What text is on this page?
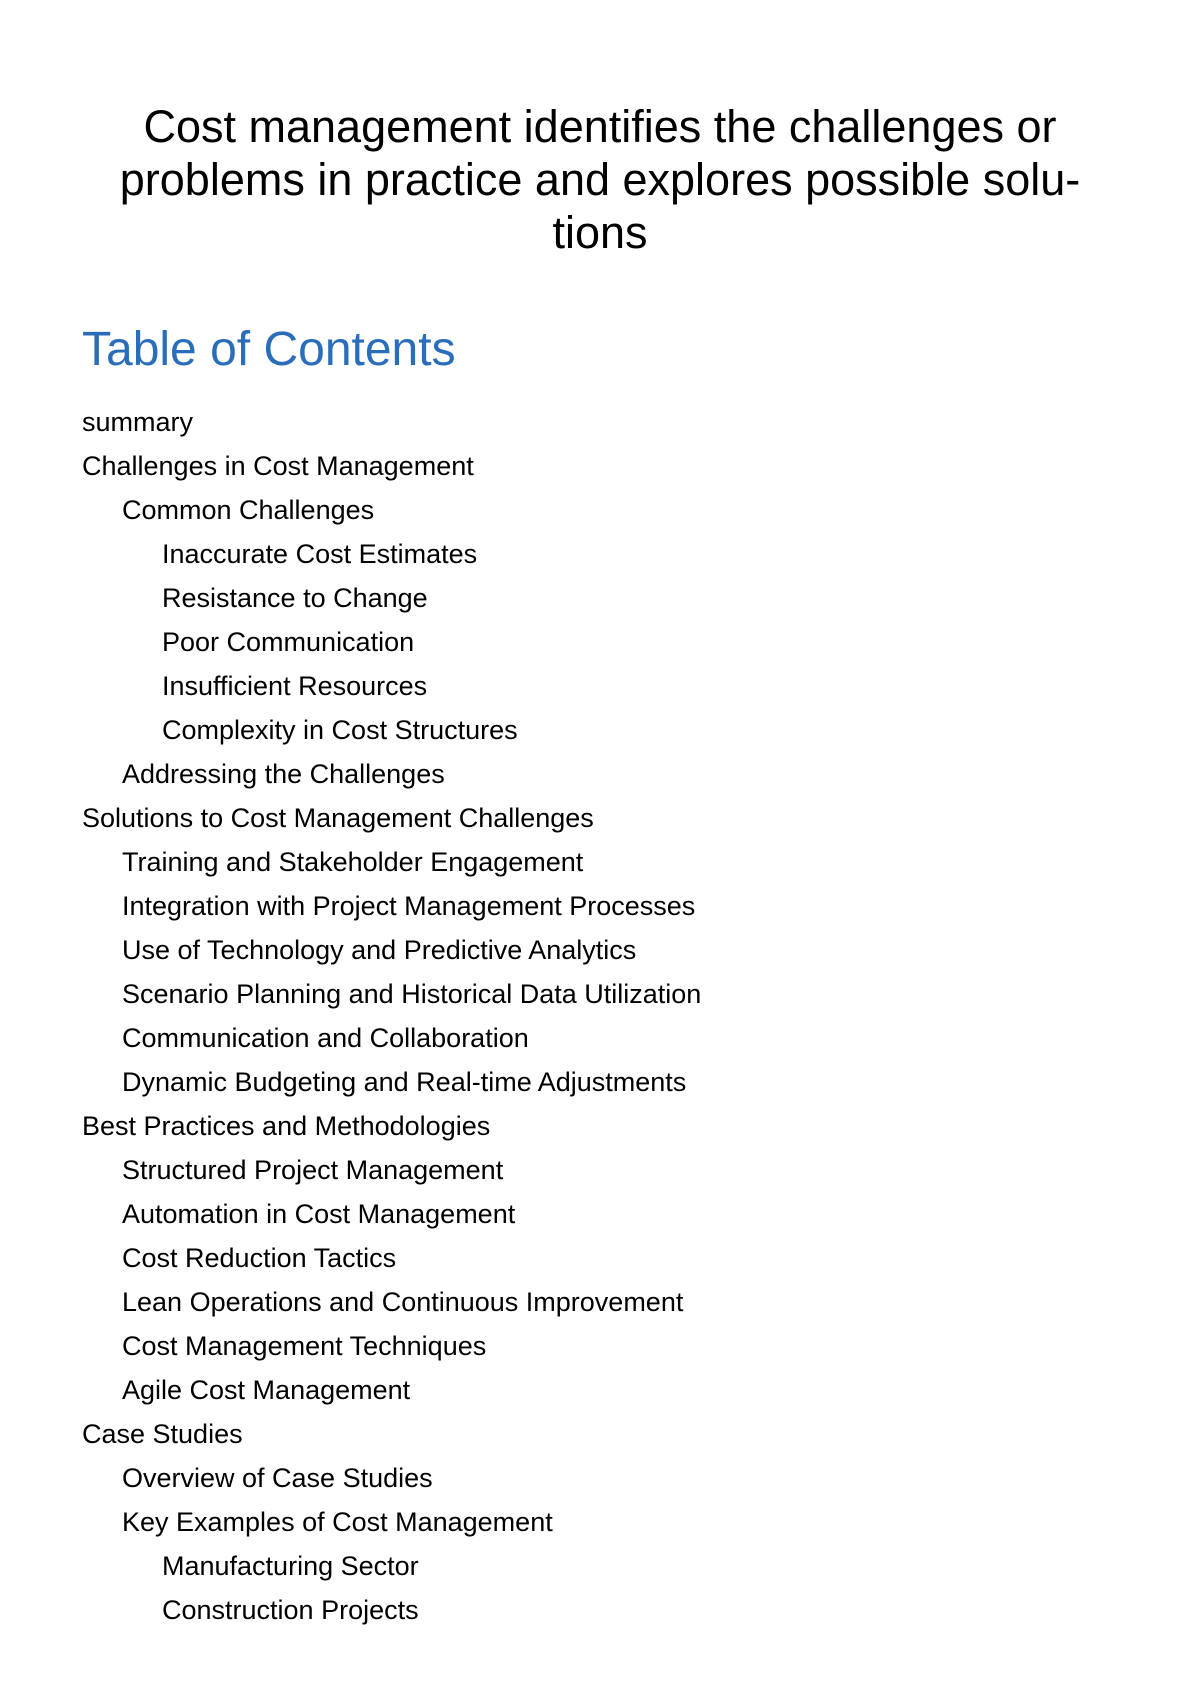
Cost management identifies the challenges or
problems in practice and explores possible solu-
tions
Table of Contents
summary
Challenges in Cost Management
Common Challenges
Inaccurate Cost Estimates
Resistance to Change
Poor Communication
Insufficient Resources
Complexity in Cost Structures
Addressing the Challenges
Solutions to Cost Management Challenges
Training and Stakeholder Engagement
Integration with Project Management Processes
Use of Technology and Predictive Analytics
Scenario Planning and Historical Data Utilization
Communication and Collaboration
Dynamic Budgeting and Real-time Adjustments
Best Practices and Methodologies
Structured Project Management
Automation in Cost Management
Cost Reduction Tactics
Lean Operations and Continuous Improvement
Cost Management Techniques
Agile Cost Management
Case Studies
Overview of Case Studies
Key Examples of Cost Management
Manufacturing Sector
Construction Projects
